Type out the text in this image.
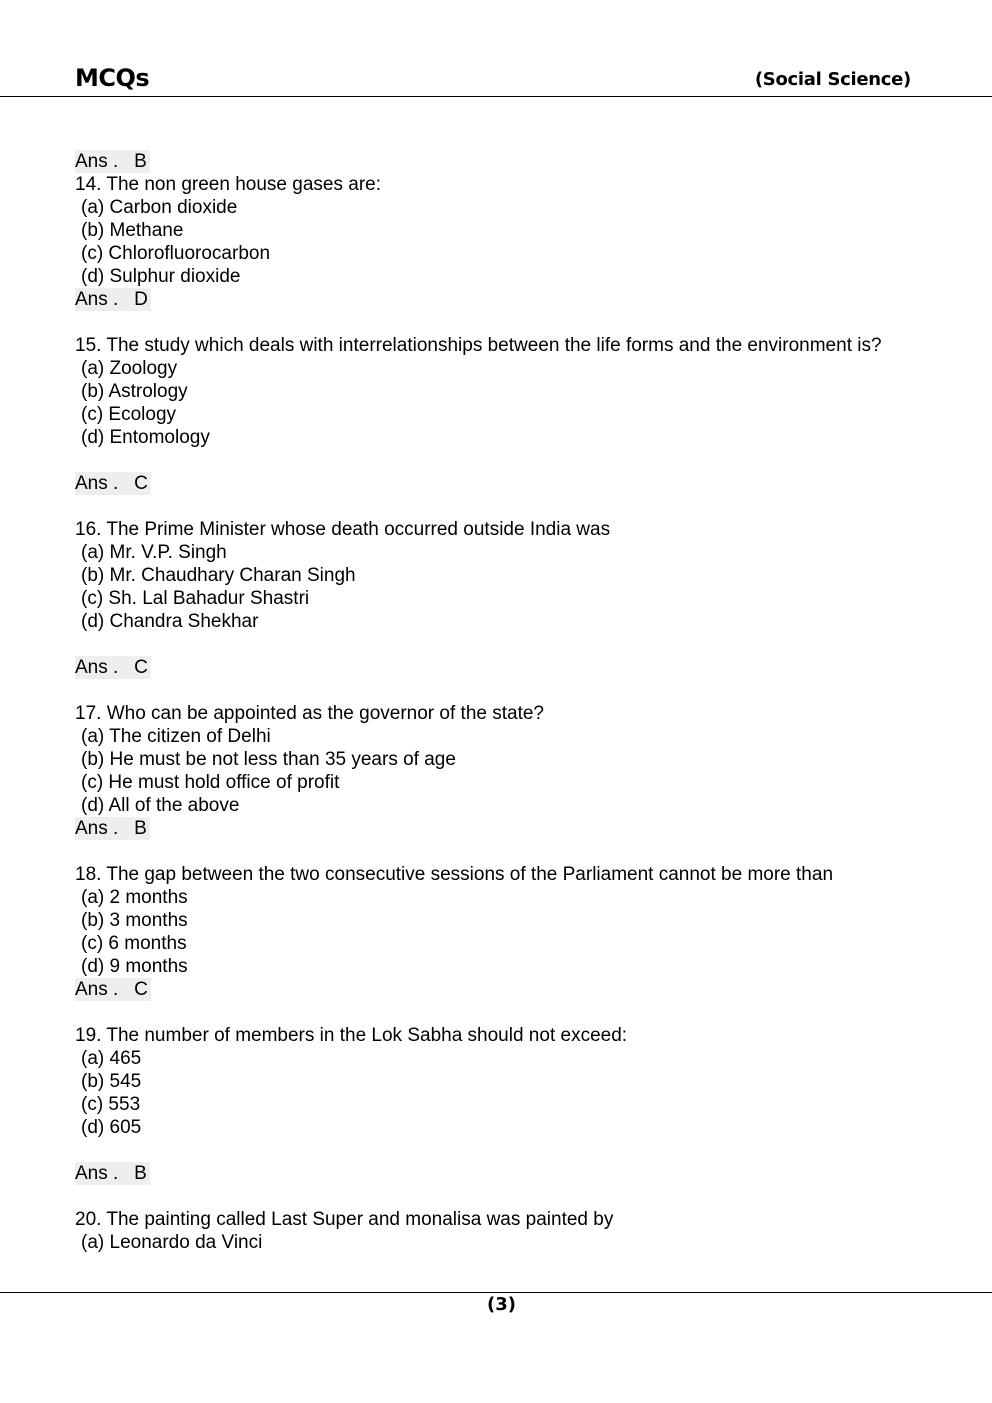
MCQs	(Social Science)
Ans .   B
14. The non green house gases are:
(a) Carbon dioxide
(b) Methane
(c) Chlorofluorocarbon
(d) Sulphur dioxide
Ans .   D
15. The study which deals with interrelationships between the life forms and the environment is?
(a) Zoology
(b) Astrology
(c) Ecology
(d) Entomology
Ans .   C
16. The Prime Minister whose death occurred outside India was
(a) Mr. V.P. Singh
(b) Mr. Chaudhary Charan Singh
(c) Sh. Lal Bahadur Shastri
(d) Chandra Shekhar
Ans .   C
17. Who can be appointed as the governor of the state?
(a) The citizen of Delhi
(b) He must be not less than 35 years of age
(c) He must hold office of profit
(d) All of the above
Ans .   B
18. The gap between the two consecutive sessions of the Parliament cannot be more than
(a) 2 months
(b) 3 months
(c) 6 months
(d) 9 months
Ans .   C
19. The number of members in the Lok Sabha should not exceed:
(a) 465
(b) 545
(c) 553
(d) 605
Ans .   B
20. The painting called Last Super and monalisa was painted by
(a) Leonardo da Vinci
(3)
